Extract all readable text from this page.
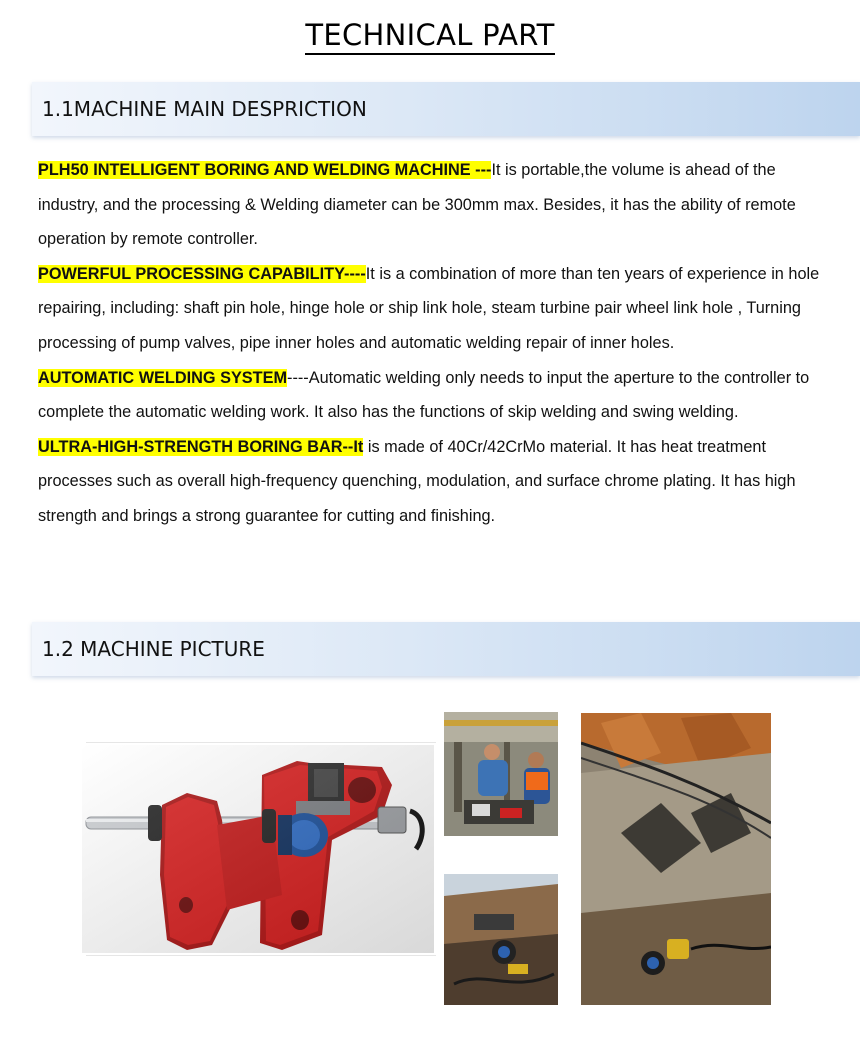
TECHNICAL PART
1.1MACHINE MAIN DESPRICTION

PLH50 INTELLIGENT BORING AND WELDING MACHINE ---It is portable,the volume is ahead of the industry, and the processing & Welding diameter can be 300mm max. Besides, it has the ability of remote operation by remote controller.

POWERFUL PROCESSING CAPABILITY----It is a combination of more than ten years of experience in hole repairing, including: shaft pin hole, hinge hole or ship link hole, steam turbine pair wheel link hole , Turning processing of pump valves, pipe inner holes and automatic welding repair of inner holes.

AUTOMATIC WELDING SYSTEM----Automatic welding only needs to input the aperture to the controller to complete the automatic welding work. It also has the functions of skip welding and swing welding.

ULTRA-HIGH-STRENGTH BORING BAR--It is made of 40Cr/42CrMo material. It has heat treatment processes such as overall high-frequency quenching, modulation, and surface chrome plating. It has high strength and brings a strong guarantee for cutting and finishing.

1.2 MACHINE PICTURE
